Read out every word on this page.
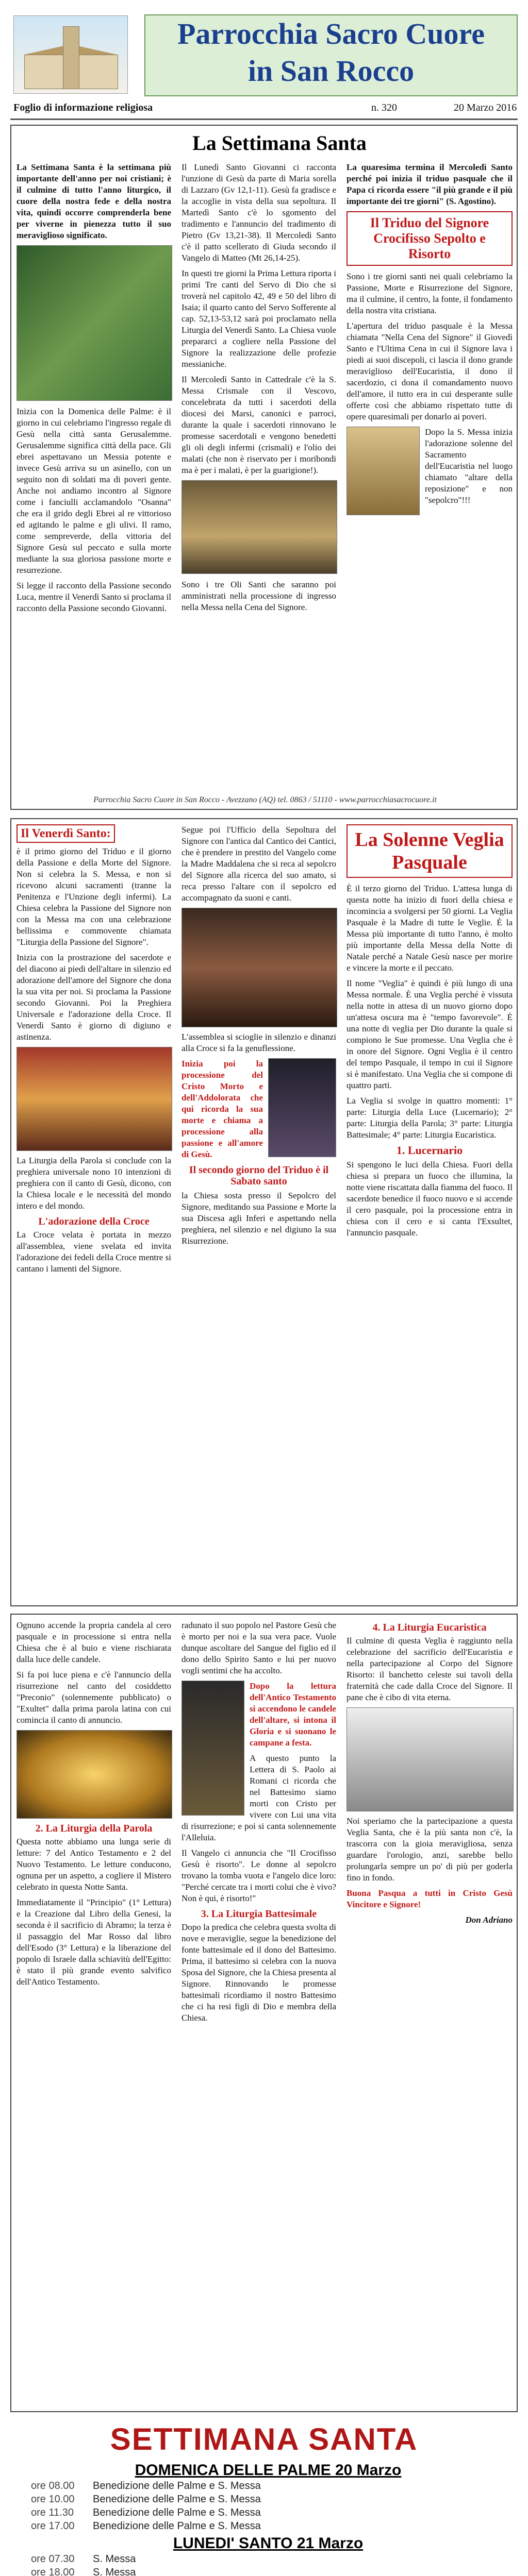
Parrocchia Sacro Cuore
in San Rocco
Foglio di informazione religiosa	n. 320	20 Marzo 2016
La Settimana Santa

La Settimana Santa è la settimana più importante dell'anno per noi cristiani; è il culmine di tutto l'anno liturgico, il cuore della nostra fede e della nostra vita, quindi occorre comprenderla bene per viverne in pienezza tutto il suo meraviglioso significato.

Inizia con la Domenica delle Palme: è il giorno in cui celebriamo l'ingresso regale di Gesù nella città santa Gerusalemme. Gerusalemme significa città della pace. Gli ebrei aspettavano un Messia potente e invece Gesù arriva su un asinello, con un seguito non di soldati ma di poveri gente. Anche noi andiamo incontro al Signore come i fanciulli acclamandolo "Osanna" che era il grido degli Ebrei al re vittorioso ed agitando le palme e gli ulivi. Il ramo, come sempreverde, della vittoria del Signore Gesù sul peccato e sulla morte mediante la sua gloriosa passione morte e resurrezione.

Si legge il racconto della Passione secondo Luca, mentre il Venerdì Santo si proclama il racconto della Passione secondo Giovanni.

Il Lunedì Santo Giovanni ci racconta l'unzione di Gesù da parte di Maria sorella di Lazzaro (Gv 12,1-11). Gesù fa gradisce e la accoglie in vista della sua sepoltura. Il Martedì Santo c'è lo sgomento del tradimento e l'annuncio del tradimento di Pietro (Gv 13,21-38). Il Mercoledì Santo c'è il patto scellerato di Giuda secondo il Vangelo di Matteo (Mt 26,14-25).

In questi tre giorni la Prima Lettura riporta i primi Tre canti del Servo di Dio che si troverà nel capitolo 42, 49 e 50 del libro di Isaia; il quarto canto del Servo Sofferente al cap. 52,13-53,12 sarà poi proclamato nella Liturgia del Venerdì Santo. La Chiesa vuole prepararci a cogliere nella Passione del Signore la realizzazione delle profezie messianiche.

Il Mercoledì Santo in Cattedrale c'è la S. Messa Crismale con il Vescovo, concelebrata da tutti i sacerdoti della diocesi dei Marsi, canonici e parroci, durante la quale i sacerdoti rinnovano le promesse sacerdotali e vengono benedetti gli oli degli infermi (crismali) e l'olio dei malati (che non è riservato per i moribondi ma è per i malati, è per la guarigione!).

Sono i tre Oli Santi che saranno poi amministrati nella processione di ingresso nella Messa nella Cena del Signore.

La quaresima termina il Mercoledì Santo perché poi inizia il triduo pasquale che il Papa ci ricorda essere "il più grande e il più importante dei tre giorni" (S. Agostino).

Il Triduo del Signore Crocifisso Sepolto e Risorto

Sono i tre giorni santi nei quali celebriamo la Passione, Morte e Risurrezione del Signore, ma il culmine, il centro, la fonte, il fondamento della nostra vita cristiana.

L'apertura del triduo pasquale è la Messa chiamata "Nella Cena del Signore" il Giovedì Santo e l'Ultima Cena in cui il Signore lava i piedi ai suoi discepoli, ci lascia il dono grande meraviglioso dell'Eucaristia, il dono il sacerdozio, ci dona il comandamento nuovo dell'amore, il tutto era in cui desperante sulle offerte così che abbiamo rispettato tutte di opere quaresimali per donarlo ai poveri.

Dopo la S. Messa inizia l'adorazione solenne del Sacramento dell'Eucaristia nel luogo chiamato "altare della reposizione" e non "sepolcro"!!!

Parrocchia Sacro Cuore in San Rocco - Avezzano (AQ) tel. 0863 / 51110 - www.parrocchiasacrocuore.it
Il Venerdì Santo:

è il primo giorno del Triduo e il giorno della Passione e della Morte del Signore. Non si celebra la S. Messa, e non si ricevono alcuni sacramenti (tranne la Penitenza e l'Unzione degli infermi). La Chiesa celebra la Passione del Signore non con la Messa ma con una celebrazione bellissima e commovente chiamata "Liturgia della Passione del Signore".

Inizia con la prostrazione del sacerdote e del diacono ai piedi dell'altare in silenzio ed adorazione dell'amore del Signore che dona la sua vita per noi. Si proclama la Passione secondo Giovanni. Poi la Preghiera Universale e l'adorazione della Croce. Il Venerdì Santo è giorno di digiuno e astinenza.

La Liturgia della Parola si conclude con la preghiera universale nono 10 intenzioni di preghiera con il canto di Gesù, dicono, con la Chiesa locale e le necessità del mondo intero e del mondo.

L'adorazione della Croce

La Croce velata è portata in mezzo all'assemblea, viene svelata ed invita l'adorazione dei fedeli della Croce mentre si cantano i lamenti del Signore.

Segue poi l'Ufficio della Sepoltura del Signore con l'antica dal Cantico dei Cantici, che è prendere in prestito del Vangelo come la Madre Maddalena che si reca al sepolcro del Signore alla ricerca del suo amato, si reca presso l'altare con il sepolcro ed accompagnato da suoni e canti.

L'assemblea si scioglie in silenzio e dinanzi alla Croce si fa la genuflessione.

Inizia poi la processione del Cristo Morto e dell'Addolorata che qui ricorda la sua morte e chiama a processione alla passione e all'amore di Gesù.

Il secondo giorno del Triduo è il Sabato santo

la Chiesa sosta presso il Sepolcro del Signore, meditando sua Passione e Morte la sua Discesa agli Inferi e aspettando nella preghiera, nel silenzio e nel digiuno la sua Risurrezione.

La Solenne Veglia Pasquale

È il terzo giorno del Triduo. L'attesa lunga di questa notte ha inizio di fuori della chiesa e incomincia a svolgersi per 50 giorni. La Veglia Pasquale è la Madre di tutte le Veglie. È la Messa più importante di tutto l'anno, è molto più importante della Messa della Notte di Natale perché a Natale Gesù nasce per morire e vincere la morte e il peccato.

Il nome "Veglia" è quindi è più lungo di una Messa normale. È una Veglia perché è vissuta nella notte in attesa di un nuovo giorno dopo un'attesa oscura ma è "tempo favorevole". È una notte di veglia per Dio durante la quale si compiono le Sue promesse. Una Veglia che è in onore del Signore. Ogni Veglia è il centro del tempo Pasquale, il tempo in cui il Signore si è manifestato. Una Veglia che si compone di quattro parti.

La Veglia si svolge in quattro momenti: 1° parte: Liturgia della Luce (Lucernario); 2° parte: Liturgia della Parola; 3° parte: Liturgia Battesimale; 4° parte: Liturgia Eucaristica.

1. Lucernario

Si spengono le luci della Chiesa. Fuori della chiesa si prepara un fuoco che illumina, la notte viene riscattata dalla fiamma del fuoco. Il sacerdote benedice il fuoco nuovo e si accende il cero pasquale, poi la processione entra in chiesa con il cero e si canta l'Exsultet, l'annuncio pasquale.

Ognuno accende la propria candela al cero pasquale e in processione si entra nella Chiesa che è al buio e viene rischiarata dalla luce delle candele.

Si fa poi luce piena e c'è l'annuncio della risurrezione nel canto del cosiddetto "Preconio" (solennemente pubblicato) o "Exultet" dalla prima parola latina con cui comincia il canto di annuncio.

2. La Liturgia della Parola

Questa notte abbiamo una lunga serie di letture: 7 del Antico Testamento e 2 del Nuovo Testamento. Le letture conducono, ognuna per un aspetto, a cogliere il Mistero celebrato in questa Notte Santa.

Immediatamente il "Principio" (1° Lettura) e la Creazione dal Libro della Genesi, la seconda è il sacrificio di Abramo; la terza è il passaggio del Mar Rosso dal libro dell'Esodo (3° Lettura) e la liberazione del popolo di Israele dalla schiavitù dell'Egitto: è stato il più grande evento salvifico dell'Antico Testamento.

radunato il suo popolo nel Pastore Gesù che è morto per noi e la sua vera pace. Vuole dunque ascoltare del Sangue del figlio ed il dono dello Spirito Santo e lui per nuovo vogli sentimi che ha accolto.

Dopo la lettura dell'Antico Testamento si accendono le candele dell'altare, si intona il Gloria e si suonano le campane a festa.

A questo punto la Lettera di S. Paolo ai Romani ci ricorda che nel Battesimo siamo morti con Cristo per vivere con Lui una vita di risurrezione; e poi si canta solennemente l'Alleluia.

Il Vangelo ci annuncia che "Il Crocifisso Gesù è risorto". Le donne al sepolcro trovano la tomba vuota e l'angelo dice loro: "Perché cercate tra i morti colui che è vivo? Non è qui, è risorto!"

3. La Liturgia Battesimale

Dopo la predica che celebra questa svolta di nove e meraviglie, segue la benedizione del fonte battesimale ed il dono del Battesimo. Prima, il battesimo si celebra con la nuova Sposa del Signore, che la Chiesa presenta al Signore. Rinnovando le promesse battesimali ricordiamo il nostro Battesimo che ci ha resi figli di Dio e membra della Chiesa.

4. La Liturgia Eucaristica

Il culmine di questa Veglia è raggiunto nella celebrazione del sacrificio dell'Eucaristia e nella partecipazione al Corpo del Signore Risorto: il banchetto celeste sui tavoli della fraternità che cade dalla Croce del Signore. Il pane che è cibo di vita eterna.

Noi speriamo che la partecipazione a questa Veglia Santa, che è la più santa non c'è, la trascorra con la gioia meravigliosa, senza guardare l'orologio, anzi, sarebbe bello prolungarla sempre un po' di più per goderla fino in fondo.

Buona Pasqua a tutti in Cristo Gesù Vincitore e Signore!

Don Adriano

SETTIMANA SANTA
DOMENICA DELLE PALME 20 Marzo
ore 08.00	Benedizione delle Palme e S. Messa
ore 10.00	Benedizione delle Palme e S. Messa
ore 11.30	Benedizione delle Palme e S. Messa
ore 17.00	Benedizione delle Palme e S. Messa
LUNEDI' SANTO 21 Marzo
ore 07.30	S. Messa
ore 18.00	S. Messa
